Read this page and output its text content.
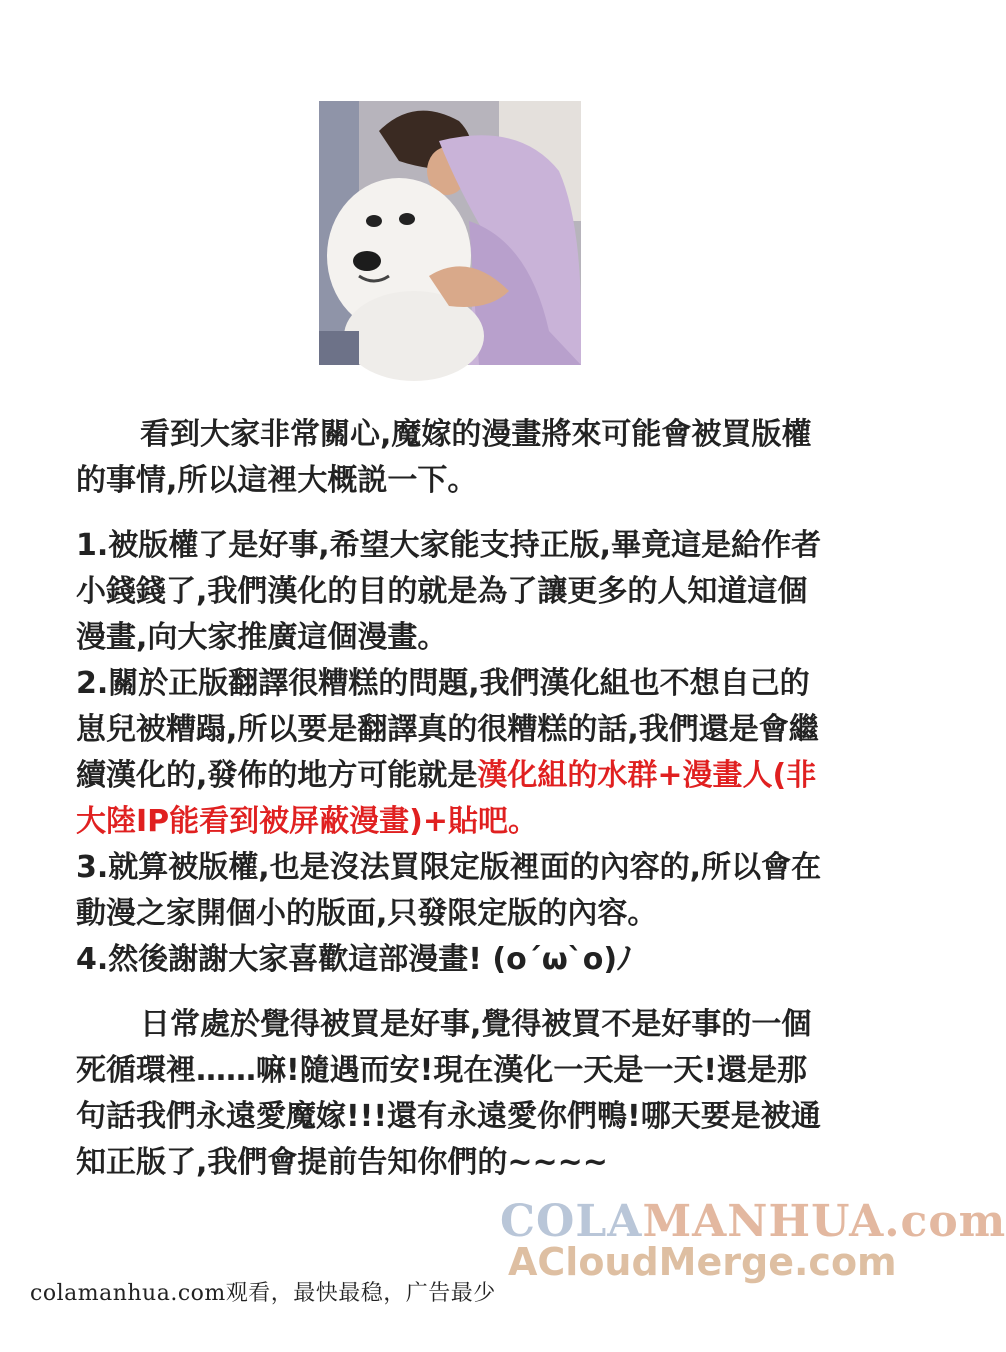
看到大家非常關心,魔嫁的漫畫將來可能會被買版權的事情,所以這裡大概説一下。

1.被版權了是好事,希望大家能支持正版,畢竟這是給作者小錢錢了,我們漢化的目的就是為了讓更多的人知道這個漫畫,向大家推廣這個漫畫。

2.關於正版翻譯很糟糕的問題,我們漢化組也不想自己的崽兒被糟蹋,所以要是翻譯真的很糟糕的話,我們還是會繼續漢化的,發佈的地方可能就是漢化組的水群+漫畫人(非大陸IP能看到被屏蔽漫畫)+貼吧。

3.就算被版權,也是沒法買限定版裡面的內容的,所以會在動漫之家開個小的版面,只發限定版的內容。

4.然後謝謝大家喜歡這部漫畫! (o´ω`o)ﾉ

日常處於覺得被買是好事,覺得被買不是好事的一個死循環裡……嘛!隨遇而安!現在漢化一天是一天!還是那句話我們永遠愛魔嫁!!!還有永遠愛你們鴨!哪天要是被通知正版了,我們會提前告知你們的~~~~

COLAMANHUA.com
ACloudMerge.com
colamanhua.com观看，最快最稳，广告最少
